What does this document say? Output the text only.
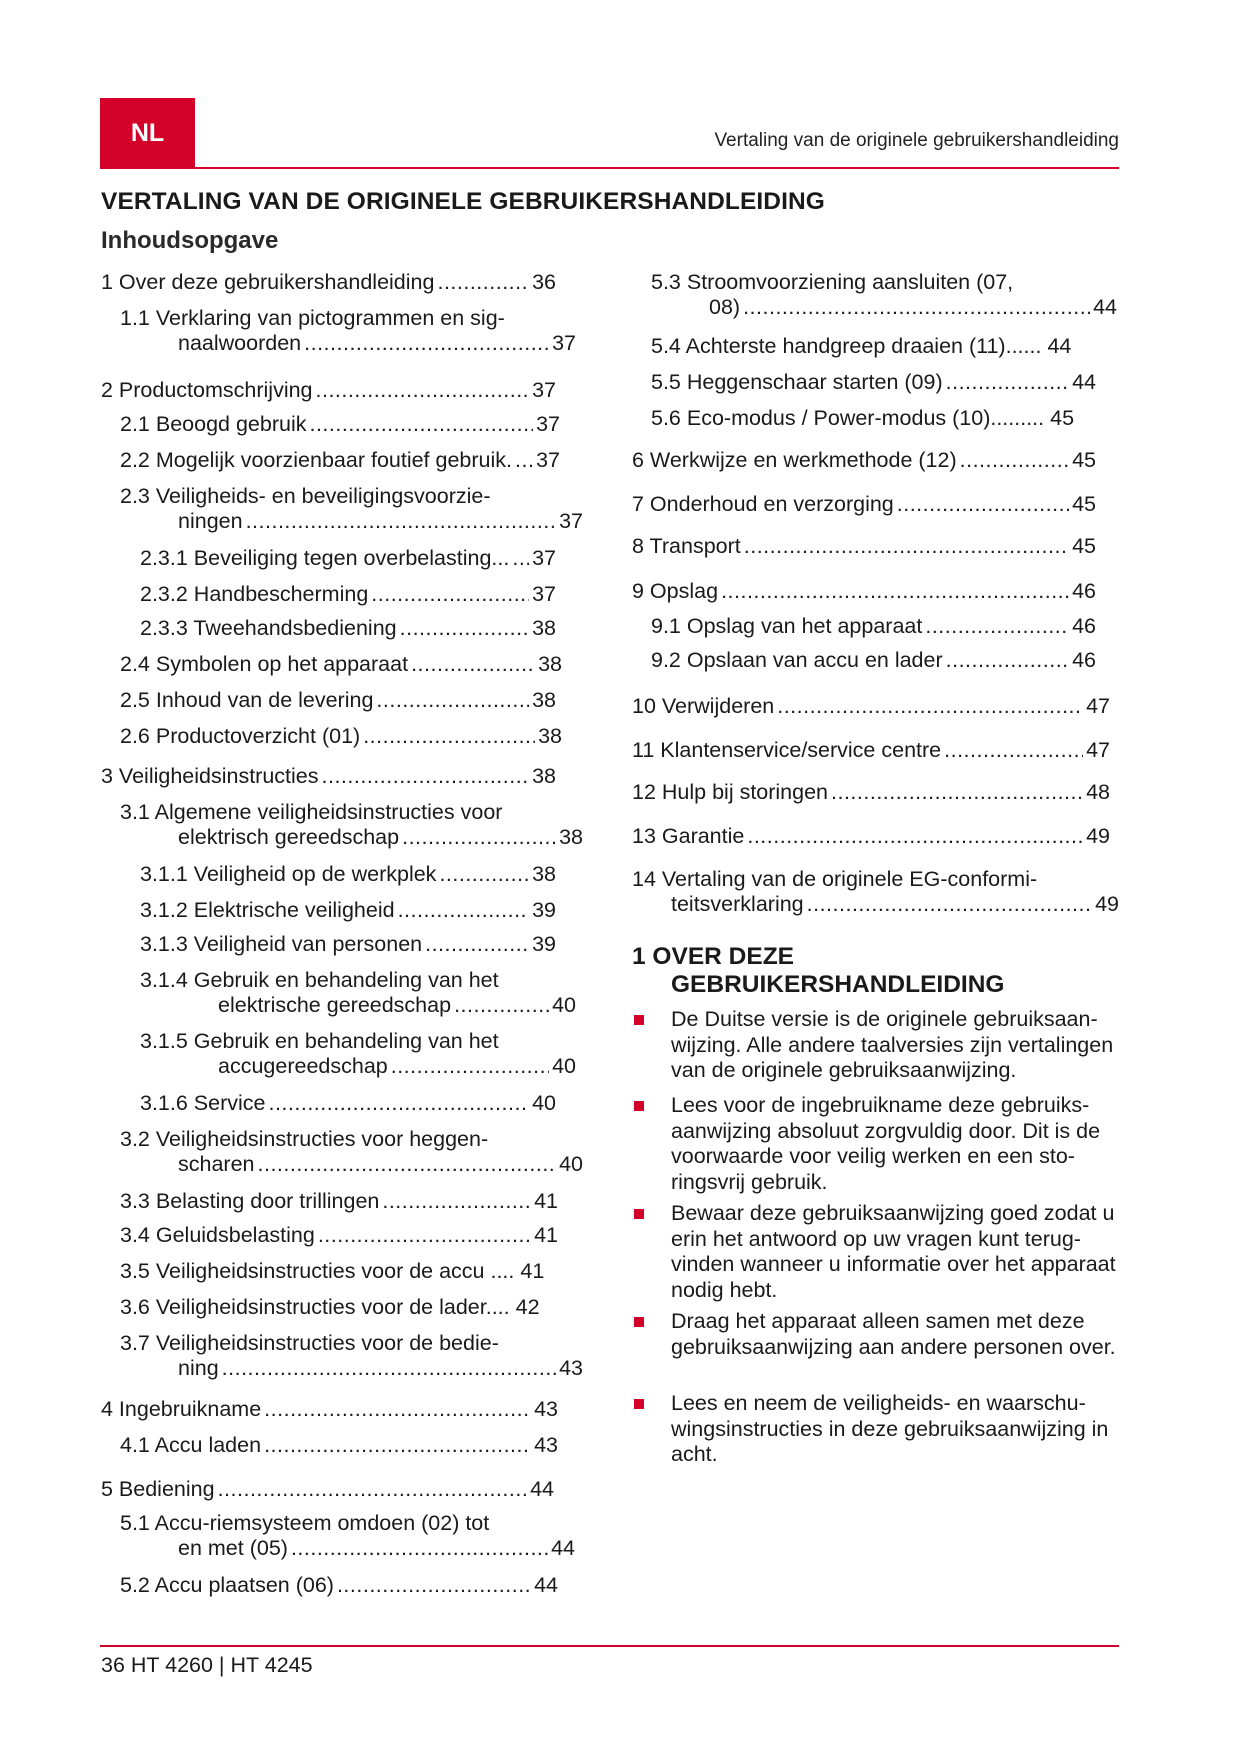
NL	Vertaling van de originele gebruikershandleiding
VERTALING VAN DE ORIGINELE GEBRUIKERSHANDLEIDING
Inhoudsopgave
1 Over deze gebruikershandleiding .....	36
1.1 Verklaring van pictogrammen en sig-
naalwoorden .....	37
2 Productomschrijving .....	37
2.1 Beoogd gebruik .....	37
2.2 Mogelijk voorzienbaar foutief gebruik. ..... 37
2.3 Veiligheids- en beveiligingsvoorzie-
ningen .....	37
2.3.1 Beveiliging tegen overbelasting... ..... 37
2.3.2 Handbescherming .....	37
2.3.3 Tweehandsbediening .....	38
2.4 Symbolen op het apparaat .....	38
2.5 Inhoud van de levering .....	38
2.6 Productoverzicht (01) .....	38
3 Veiligheidsinstructies .....	38
3.1 Algemene veiligheidsinstructies voor
elektrisch gereedschap .....	38
3.1.1 Veiligheid op de werkplek .....	38
3.1.2 Elektrische veiligheid .....	39
3.1.3 Veiligheid van personen .....	39
3.1.4 Gebruik en behandeling van het
elektrische gereedschap .....	40
3.1.5 Gebruik en behandeling van het
accugereedschap .....	40
3.1.6 Service .....	40
3.2 Veiligheidsinstructies voor heggen-
scharen .....	40
3.3 Belasting door trillingen .....	41
3.4 Geluidsbelasting .....	41
3.5 Veiligheidsinstructies voor de accu .... 41
3.6 Veiligheidsinstructies voor de lader.... 42
3.7 Veiligheidsinstructies voor de bedie-
ning .....	43
4 Ingebruikname .....	43
4.1 Accu laden .....	43
5 Bediening .....	44
5.1 Accu-riemsysteem omdoen (02) tot
en met (05) .....	44
5.2 Accu plaatsen (06) .....	44
5.3 Stroomvoorziening aansluiten (07,
08) .....	44
5.4 Achterste handgreep draaien (11)...... 44
5.5 Heggenschaar starten (09) .....	44
5.6 Eco-modus / Power-modus (10)......... 45
6 Werkwijze en werkmethode (12) .....	45
7 Onderhoud en verzorging .....	45
8 Transport .....	45
9 Opslag .....	46
9.1 Opslag van het apparaat .....	46
9.2 Opslaan van accu en lader .....	46
10 Verwijderen .....	47
11 Klantenservice/service centre .....	47
12 Hulp bij storingen .....	48
13 Garantie .....	49
14 Vertaling van de originele EG-conformi-
teitsverklaring .....	49
1 OVER DEZE
GEBRUIKERSHANDLEIDING
De Duitse versie is de originele gebruiksaanwijzing. Alle andere taalversies zijn vertalingen van de originele gebruiksaanwijzing.
Lees voor de ingebruikname deze gebruiksaanwijzing absoluut zorgvuldig door. Dit is de voorwaarde voor veilig werken en een storingsvrij gebruik.
Bewaar deze gebruiksaanwijzing goed zodat u erin het antwoord op uw vragen kunt terugvinden wanneer u informatie over het apparaat nodig hebt.
Draag het apparaat alleen samen met deze gebruiksaanwijzing aan andere personen over.
Lees en neem de veiligheids- en waarschuwingsinstructies in deze gebruiksaanwijzing in acht.
36 HT 4260 | HT 4245
